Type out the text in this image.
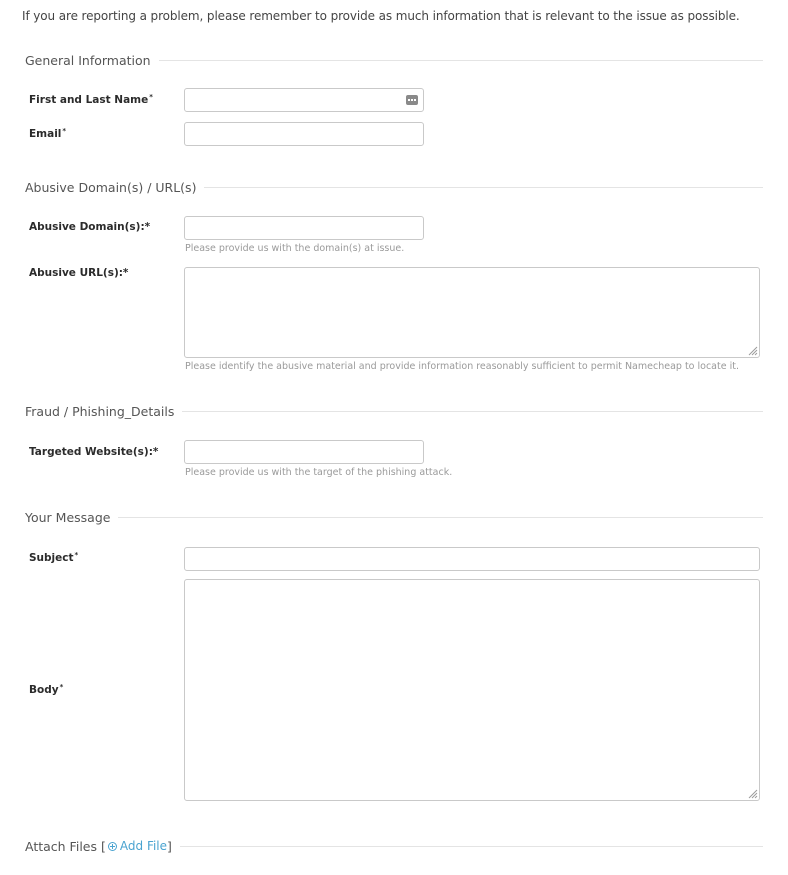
If you are reporting a problem, please remember to provide as much information that is relevant to the issue as possible.
General Information
First and Last Name*
Email*
Abusive Domain(s) / URL(s)
Abusive Domain(s):*
Please provide us with the domain(s) at issue.
Abusive URL(s):*
Please identify the abusive material and provide information reasonably sufficient to permit Namecheap to locate it.
Fraud / Phishing_Details
Targeted Website(s):*
Please provide us with the target of the phishing attack.
Your Message
Subject*
Body*
Attach Files [ Add File ]
